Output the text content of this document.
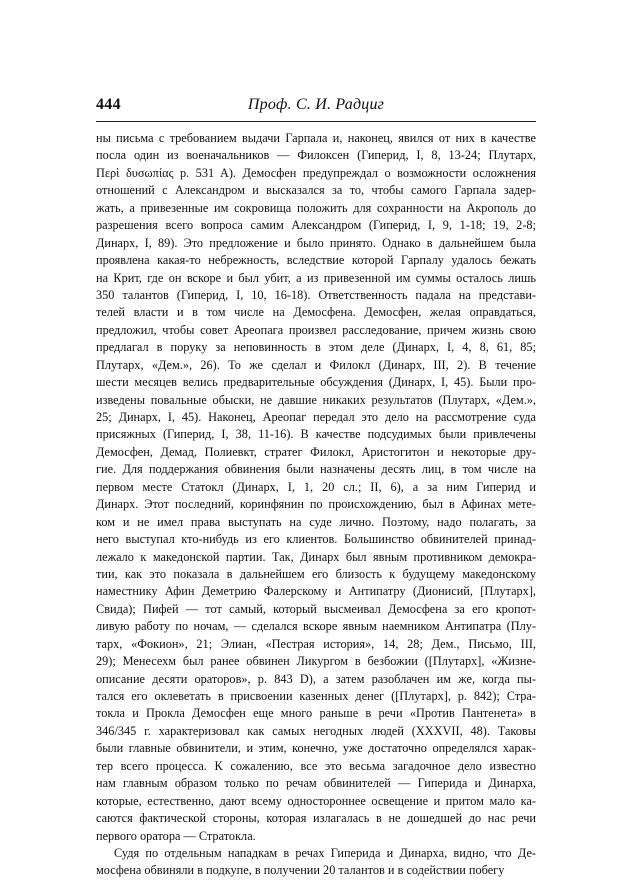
444	Проф. С. И. Радциг
ны письма с требованием выдачи Гарпала и, наконец, явился от них в качестве
посла один из военачальников — Филоксен (Гиперид, I, 8, 13-24; Плутарх,
Περὶ δυσωπίας p. 531 A). Демосфен предупреждал о возможности осложнения
отношений с Александром и высказался за то, чтобы самого Гарпала задер-
жать, а привезенные им сокровища положить для сохранности на Акрополь до
разрешения всего вопроса самим Александром (Гиперид, I, 9, 1-18; 19, 2-8;
Динарх, I, 89). Это предложение и было принято. Однако в дальнейшем была
проявлена какая-то небрежность, вследствие которой Гарпалу удалось бежать
на Крит, где он вскоре и был убит, а из привезенной им суммы осталось лишь
350 талантов (Гиперид, I, 10, 16-18). Ответственность падала на представи-
телей власти и в том числе на Демосфена. Демосфен, желая оправдаться,
предложил, чтобы совет Ареопага произвел расследование, причем жизнь свою
предлагал в поруку за неповинность в этом деле (Динарх, I, 4, 8, 61, 85;
Плутарх, «Дем.», 26). То же сделал и Филокл (Динарх, III, 2). В течение
шести месяцев велись предварительные обсуждения (Динарх, I, 45). Были про-
изведены повальные обыски, не давшие никаких результатов (Плутарх, «Дем.»,
25; Динарх, I, 45). Наконец, Ареопаг передал это дело на рассмотрение суда
присяжных (Гиперид, I, 38, 11-16). В качестве подсудимых были привлечены
Демосфен, Демад, Полиевкт, стратег Филокл, Аристогитон и некоторые дру-
гие. Для поддержания обвинения были назначены десять лиц, в том числе на
первом месте Статокл (Динарх, I, 1, 20 сл.; II, 6), а за ним Гиперид и
Динарх. Этот последний, коринфянин по происхождению, был в Афинах мете-
ком и не имел права выступать на суде лично. Поэтому, надо полагать, за
него выступал кто-нибудь из его клиентов. Большинство обвинителей принад-
лежало к македонской партии. Так, Динарх был явным противником демокра-
тии, как это показала в дальнейшем его близость к будущему македонскому
наместнику Афин Деметрию Фалерскому и Антипатру (Дионисий, [Плутарх],
Свида); Пифей — тот самый, который высмеивал Демосфена за его кропот-
ливую работу по ночам, — сделался вскоре явным наемником Антипатра (Плу-
тарх, «Фокион», 21; Элиан, «Пестрая история», 14, 28; Дем., Письмо, III,
29); Менесехм был ранее обвинен Ликургом в безбожии ([Плутарх], «Жизне-
описание десяти ораторов», p. 843 D), а затем разоблачен им же, когда пы-
тался его оклеветать в присвоении казенных денег ([Плутарх], p. 842); Стра-
токла и Прокла Демосфен еще много раньше в речи «Против Пантенета» в
346/345 г. характеризовал как самых негодных людей (XXXVII, 48). Таковы
были главные обвинители, и этим, конечно, уже достаточно определялся харак-
тер всего процесса. К сожалению, все это весьма загадочное дело известно
нам главным образом только по речам обвинителей — Гиперида и Динарха,
которые, естественно, дают всему одностороннее освещение и притом мало ка-
саются фактической стороны, которая излагалась в не дошедшей до нас речи
первого оратора — Стратокла.
Судя по отдельным нападкам в речах Гиперида и Динарха, видно, что Де-
мосфена обвиняли в подкупе, в получении 20 талантов и в содействии побегу
